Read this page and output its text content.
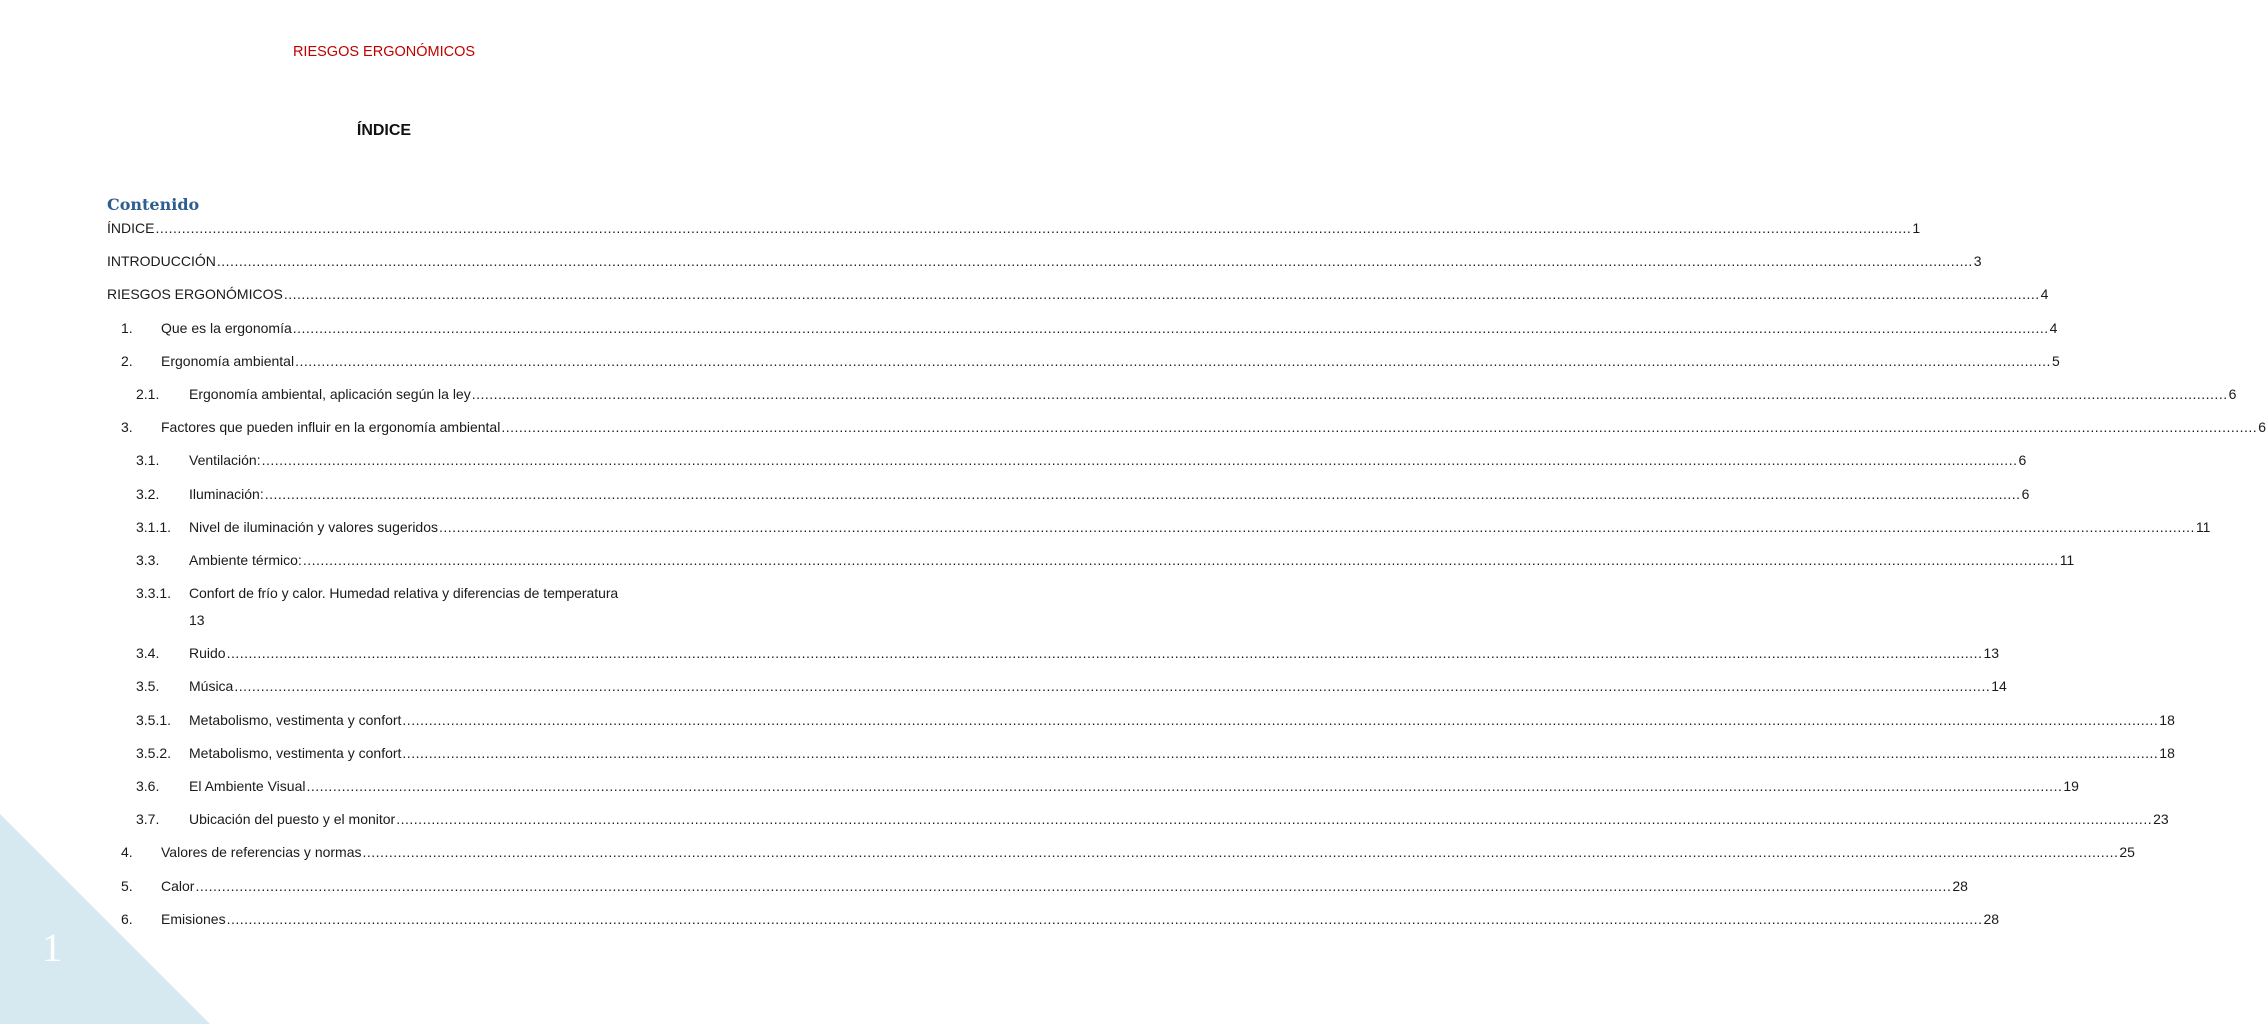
RIESGOS ERGONÓMICOS
ÍNDICE
Contenido
ÍNDICE ................................................................................................................................................................................................................................................................................................................................................................................................................ 1
INTRODUCCIÓN ................................................................................................................................................................................................................................................................................................................................................................................................................ 3
RIESGOS ERGONÓMICOS ................................................................................................................................................................................................................................................................................................................................................................................................................ 4
1.	Que es la ergonomía ................................................................................................................................................................................................................................................................................................................................................................................................................ 4
2.	Ergonomía ambiental ................................................................................................................................................................................................................................................................................................................................................................................................................ 5
2.1.	Ergonomía ambiental, aplicación según la ley ................................................................................................................................................................................................................................................................................................................................................................................................................ 6
3.	Factores que pueden influir en la ergonomía ambiental ................................................................................................................................................................................................................................................................................................................................................................................................................ 6
3.1.	Ventilación: ................................................................................................................................................................................................................................................................................................................................................................................................................ 6
3.2.	Iluminación: ................................................................................................................................................................................................................................................................................................................................................................................................................ 6
3.1.1.	Nivel de iluminación y valores sugeridos ................................................................................................................................................................................................................................................................................................................................................................................................................ 11
3.3.	Ambiente térmico: ................................................................................................................................................................................................................................................................................................................................................................................................................ 11
3.3.1.	Confort de frío y calor. Humedad relativa y diferencias de temperatura
13
3.4.	Ruido ................................................................................................................................................................................................................................................................................................................................................................................................................ 13
3.5.	Música ................................................................................................................................................................................................................................................................................................................................................................................................................ 14
3.5.1.	Metabolismo, vestimenta y confort ................................................................................................................................................................................................................................................................................................................................................................................................................ 18
3.5.2.	Metabolismo, vestimenta y confort ................................................................................................................................................................................................................................................................................................................................................................................................................ 18
3.6.	El Ambiente Visual ................................................................................................................................................................................................................................................................................................................................................................................................................ 19
3.7.	Ubicación del puesto y el monitor ................................................................................................................................................................................................................................................................................................................................................................................................................ 23
4.	Valores de referencias y normas ................................................................................................................................................................................................................................................................................................................................................................................................................ 25
5.	Calor ................................................................................................................................................................................................................................................................................................................................................................................................................ 28
6.	Emisiones ................................................................................................................................................................................................................................................................................................................................................................................................................ 28
1
